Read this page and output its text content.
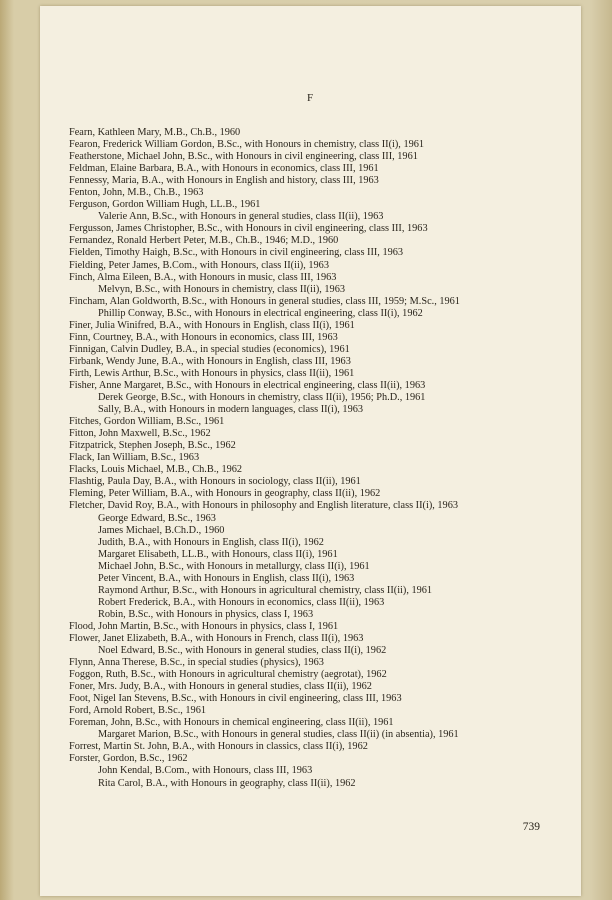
F

Fearn, Kathleen Mary, M.B., Ch.B., 1960

Fearon, Frederick William Gordon, B.Sc., with Honours in chemistry, class II(i), 1961

Featherstone, Michael John, B.Sc., with Honours in civil engineering, class III, 1961

Feldman, Elaine Barbara, B.A., with Honours in economics, class III, 1961

Fennessy, Maria, B.A., with Honours in English and history, class III, 1963

Fenton, John, M.B., Ch.B., 1963

Ferguson, Gordon William Hugh, LL.B., 1961

Valerie Ann, B.Sc., with Honours in general studies, class II(ii), 1963

Fergusson, James Christopher, B.Sc., with Honours in civil engineering, class III, 1963

Fernandez, Ronald Herbert Peter, M.B., Ch.B., 1946; M.D., 1960

Fielden, Timothy Haigh, B.Sc., with Honours in civil engineering, class III, 1963

Fielding, Peter James, B.Com., with Honours, class II(ii), 1963

Finch, Alma Eileen, B.A., with Honours in music, class III, 1963

Melvyn, B.Sc., with Honours in chemistry, class II(ii), 1963

Fincham, Alan Goldworth, B.Sc., with Honours in general studies, class III, 1959; M.Sc., 1961

Phillip Conway, B.Sc., with Honours in electrical engineering, class II(i), 1962

Finer, Julia Winifred, B.A., with Honours in English, class II(i), 1961

Finn, Courtney, B.A., with Honours in economics, class III, 1963

Finnigan, Calvin Dudley, B.A., in special studies (economics), 1961

Firbank, Wendy June, B.A., with Honours in English, class III, 1963

Firth, Lewis Arthur, B.Sc., with Honours in physics, class II(ii), 1961

Fisher, Anne Margaret, B.Sc., with Honours in electrical engineering, class II(ii), 1963

Derek George, B.Sc., with Honours in chemistry, class II(ii), 1956; Ph.D., 1961

Sally, B.A., with Honours in modern languages, class II(i), 1963

Fitches, Gordon William, B.Sc., 1961

Fitton, John Maxwell, B.Sc., 1962

Fitzpatrick, Stephen Joseph, B.Sc., 1962

Flack, Ian William, B.Sc., 1963

Flacks, Louis Michael, M.B., Ch.B., 1962

Flashtig, Paula Day, B.A., with Honours in sociology, class II(ii), 1961

Fleming, Peter William, B.A., with Honours in geography, class II(ii), 1962

Fletcher, David Roy, B.A., with Honours in philosophy and English literature, class II(i), 1963

George Edward, B.Sc., 1963

James Michael, B.Ch.D., 1960

Judith, B.A., with Honours in English, class II(i), 1962

Margaret Elisabeth, LL.B., with Honours, class II(i), 1961

Michael John, B.Sc., with Honours in metallurgy, class II(i), 1961

Peter Vincent, B.A., with Honours in English, class II(i), 1963

Raymond Arthur, B.Sc., with Honours in agricultural chemistry, class II(ii), 1961

Robert Frederick, B.A., with Honours in economics, class II(ii), 1963

Robin, B.Sc., with Honours in physics, class I, 1963

Flood, John Martin, B.Sc., with Honours in physics, class I, 1961

Flower, Janet Elizabeth, B.A., with Honours in French, class II(i), 1963

Noel Edward, B.Sc., with Honours in general studies, class II(i), 1962

Flynn, Anna Therese, B.Sc., in special studies (physics), 1963

Foggon, Ruth, B.Sc., with Honours in agricultural chemistry (aegrotat), 1962

Foner, Mrs. Judy, B.A., with Honours in general studies, class II(ii), 1962

Foot, Nigel Ian Stevens, B.Sc., with Honours in civil engineering, class III, 1963

Ford, Arnold Robert, B.Sc., 1961

Foreman, John, B.Sc., with Honours in chemical engineering, class II(ii), 1961

Margaret Marion, B.Sc., with Honours in general studies, class II(ii) (in absentia), 1961

Forrest, Martin St. John, B.A., with Honours in classics, class II(i), 1962

Forster, Gordon, B.Sc., 1962

John Kendal, B.Com., with Honours, class III, 1963

Rita Carol, B.A., with Honours in geography, class II(ii), 1962

739
